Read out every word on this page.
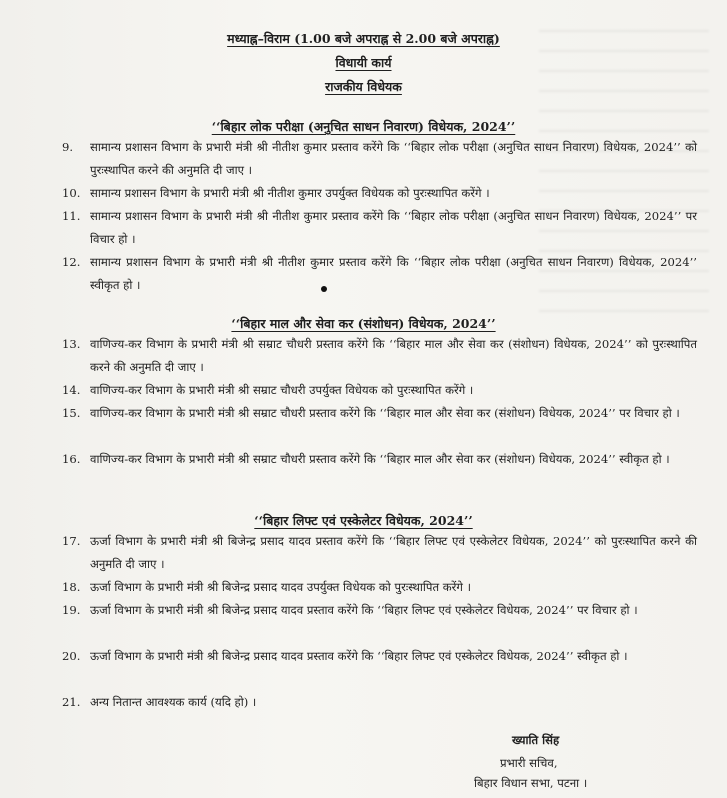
मध्याह्न–विराम (1.00 बजे अपराह्न से 2.00 बजे अपराह्न)
विधायी कार्य
राजकीय विधेयक
‘‘बिहार लोक परीक्षा (अनुचित साधन निवारण) विधेयक, 2024’’
9.	सामान्य प्रशासन विभाग के प्रभारी मंत्री श्री नीतीश कुमार प्रस्ताव करेंगे कि ‘‘बिहार लोक परीक्षा (अनुचित साधन निवारण) विधेयक, 2024’’ को पुरःस्थापित करने की अनुमति दी जाए ।
10. सामान्य प्रशासन विभाग के प्रभारी मंत्री श्री नीतीश कुमार उपर्युक्त विधेयक को पुरःस्थापित करेंगे ।
11. सामान्य प्रशासन विभाग के प्रभारी मंत्री श्री नीतीश कुमार प्रस्ताव करेंगे कि ‘‘बिहार लोक परीक्षा (अनुचित साधन निवारण) विधेयक, 2024’’ पर विचार हो ।
12. सामान्य प्रशासन विभाग के प्रभारी मंत्री श्री नीतीश कुमार प्रस्ताव करेंगे कि ‘‘बिहार लोक परीक्षा (अनुचित साधन निवारण) विधेयक, 2024’’ स्वीकृत हो ।
‘‘बिहार माल और सेवा कर (संशोधन) विधेयक, 2024’’
13. वाणिज्य-कर विभाग के प्रभारी मंत्री श्री सम्राट चौधरी प्रस्ताव करेंगे कि ‘‘बिहार माल और सेवा कर (संशोधन) विधेयक, 2024’’ को पुरःस्थापित करने की अनुमति दी जाए ।
14. वाणिज्य-कर विभाग के प्रभारी मंत्री श्री सम्राट चौधरी उपर्युक्त विधेयक को पुरःस्थापित करेंगे ।
15. वाणिज्य-कर विभाग के प्रभारी मंत्री श्री सम्राट चौधरी प्रस्ताव करेंगे कि ‘‘बिहार माल और सेवा कर (संशोधन) विधेयक, 2024’’ पर विचार हो ।
16. वाणिज्य-कर विभाग के प्रभारी मंत्री श्री सम्राट चौधरी प्रस्ताव करेंगे कि ‘‘बिहार माल और सेवा कर (संशोधन) विधेयक, 2024’’ स्वीकृत हो ।
‘‘बिहार लिफ्ट एवं एस्केलेटर विधेयक, 2024’’
17. ऊर्जा विभाग के प्रभारी मंत्री श्री बिजेन्द्र प्रसाद यादव प्रस्ताव करेंगे कि ‘‘बिहार लिफ्ट एवं एस्केलेटर विधेयक, 2024’’ को पुरःस्थापित करने की अनुमति दी जाए ।
18. ऊर्जा विभाग के प्रभारी मंत्री श्री बिजेन्द्र प्रसाद यादव उपर्युक्त विधेयक को पुरःस्थापित करेंगे ।
19. ऊर्जा विभाग के प्रभारी मंत्री श्री बिजेन्द्र प्रसाद यादव प्रस्ताव करेंगे कि ‘‘बिहार लिफ्ट एवं एस्केलेटर विधेयक, 2024’’ पर विचार हो ।
20. ऊर्जा विभाग के प्रभारी मंत्री श्री बिजेन्द्र प्रसाद यादव प्रस्ताव करेंगे कि ‘‘बिहार लिफ्ट एवं एस्केलेटर विधेयक, 2024’’ स्वीकृत हो ।
21. अन्य नितान्त आवश्यक कार्य (यदि हो) ।
ख्याति सिंह
प्रभारी सचिव,
बिहार विधान सभा, पटना ।
